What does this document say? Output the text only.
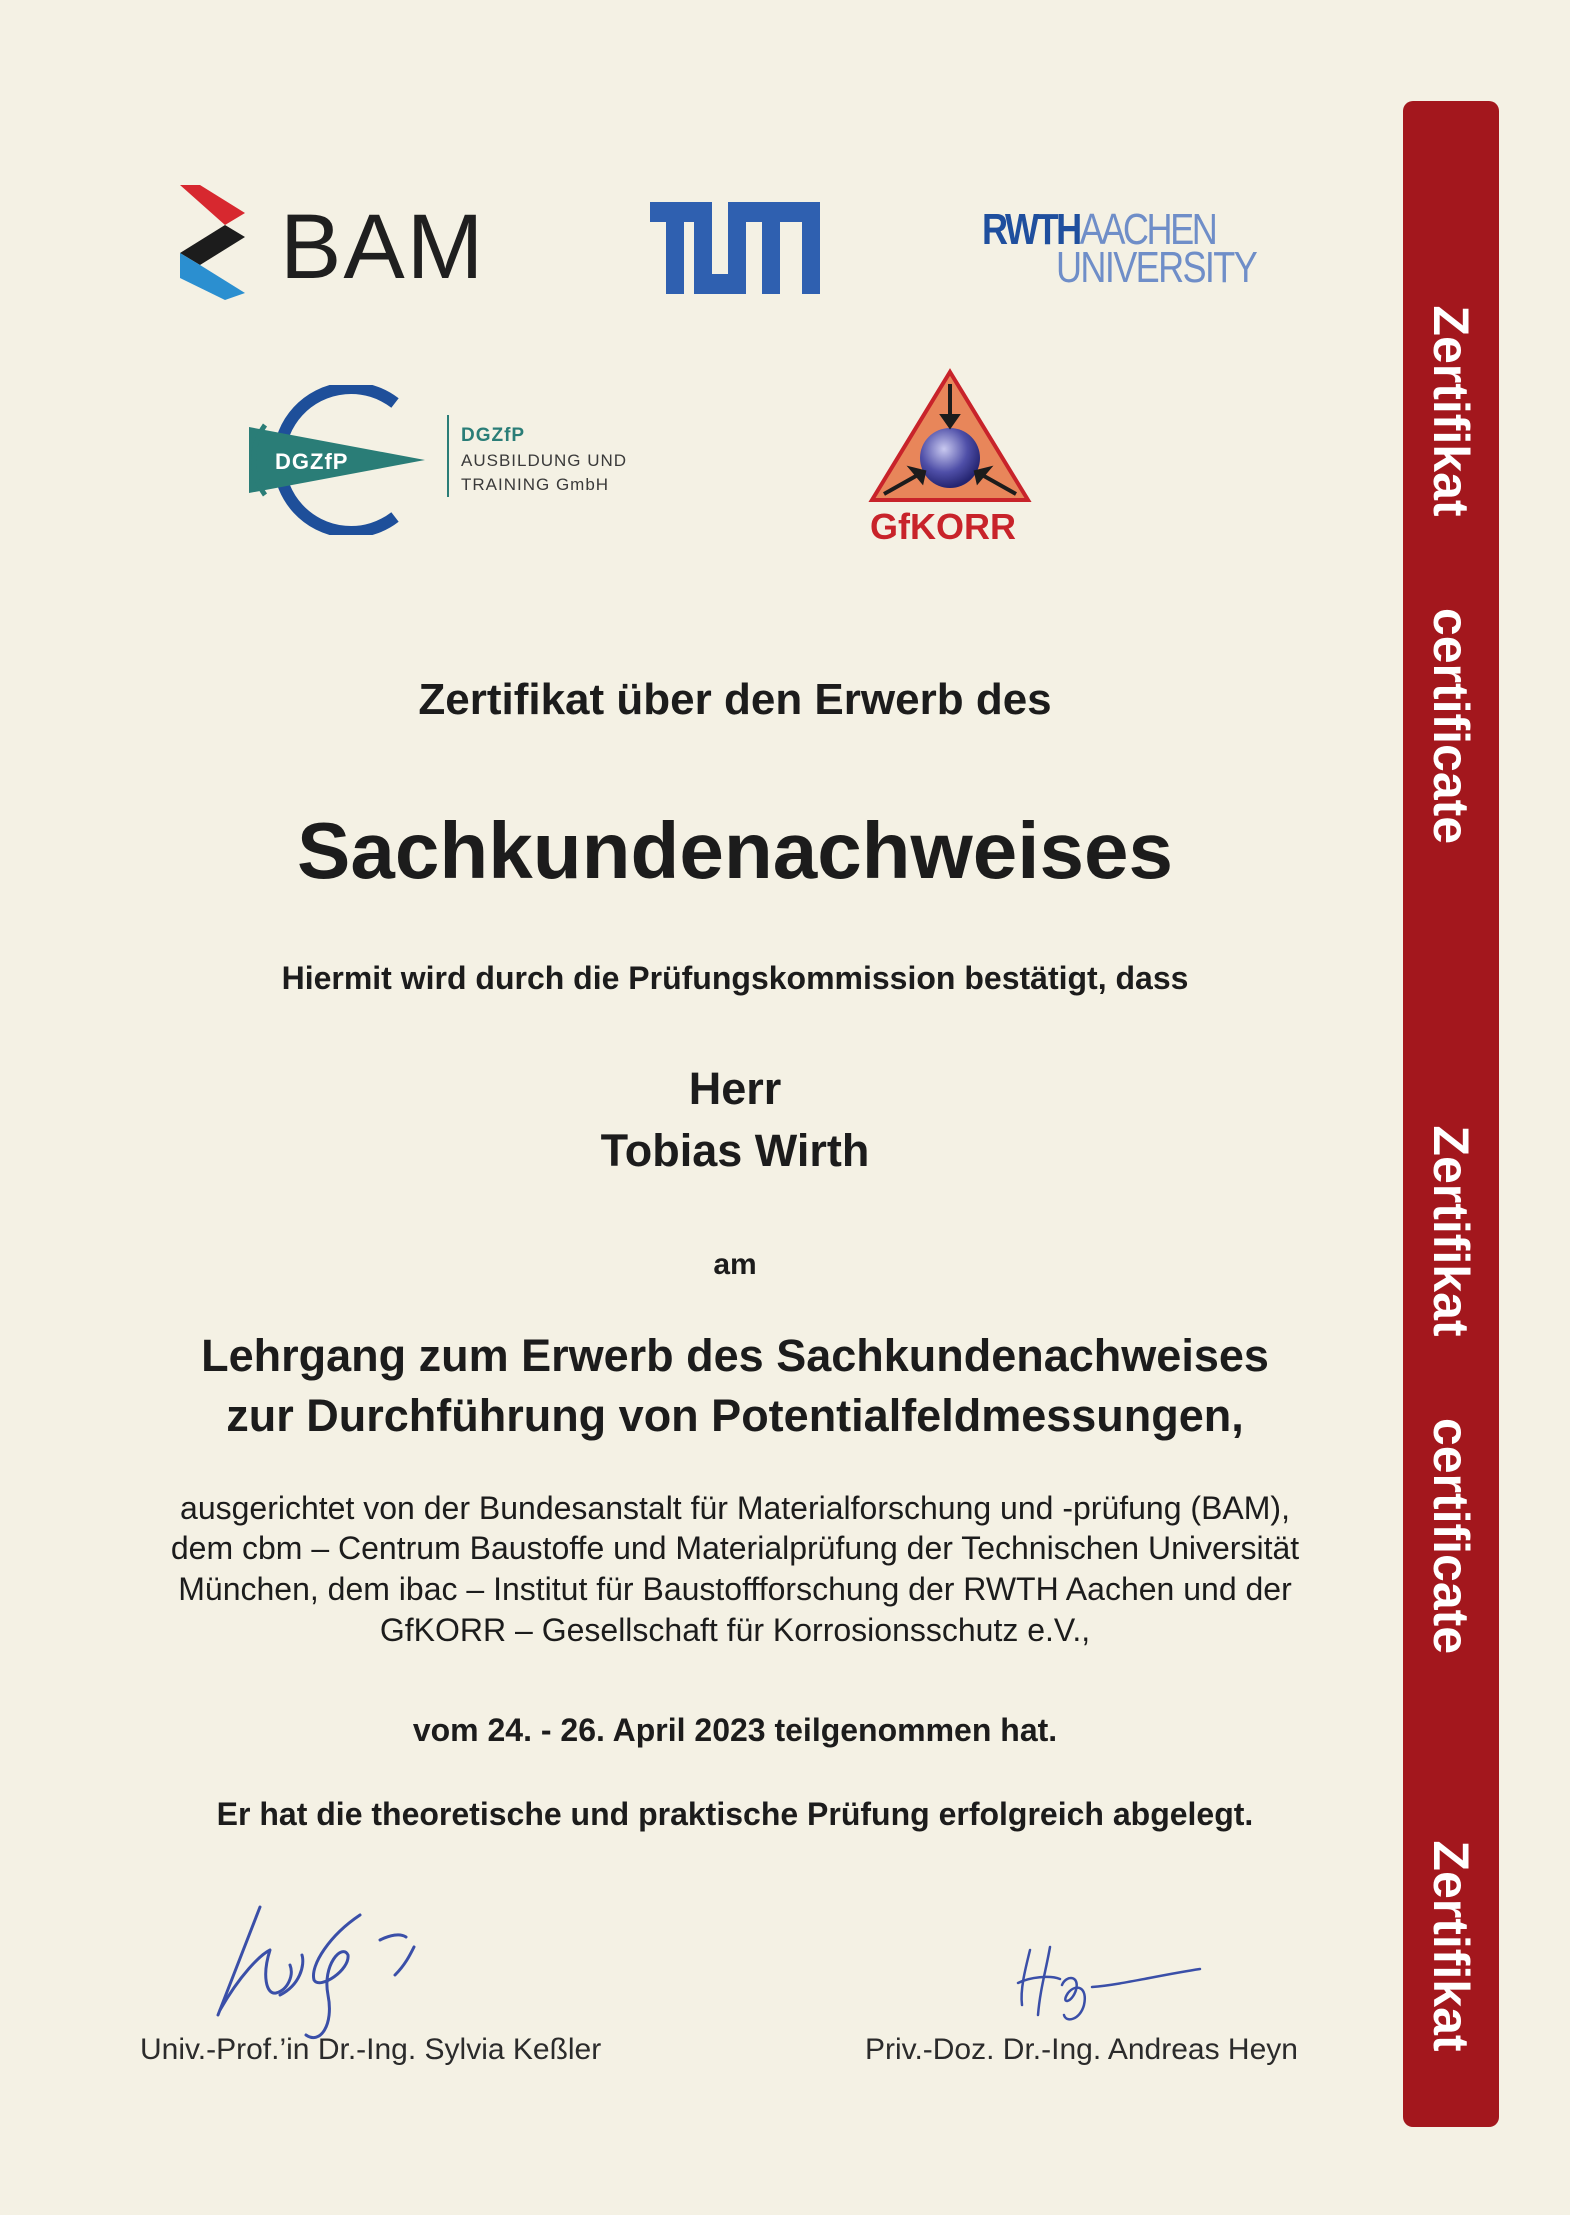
BAM	RWTHAACHEN
UNIVERSITY
DGZfP
DGZfP
AUSBILDUNG UND
TRAINING GmbH
GfKORR
Zertifikat
certificate
Zertifikat
certificate
Zertifikat
Zertifikat über den Erwerb des
Sachkundenachweises
Hiermit wird durch die Prüfungskommission bestätigt, dass
Herr
Tobias Wirth
am
Lehrgang zum Erwerb des Sachkundenachweises
zur Durchführung von Potentialfeldmessungen,
ausgerichtet von der Bundesanstalt für Materialforschung und -prüfung (BAM),
dem cbm – Centrum Baustoffe und Materialprüfung der Technischen Universität
München, dem ibac – Institut für Baustoffforschung der RWTH Aachen und der
GfKORR – Gesellschaft für Korrosionsschutz e.V.,
vom 24. - 26. April 2023 teilgenommen hat.
Er hat die theoretische und praktische Prüfung erfolgreich abgelegt.
Univ.-Prof.’in Dr.-Ing. Sylvia Keßler	Priv.-Doz. Dr.-Ing. Andreas Heyn
